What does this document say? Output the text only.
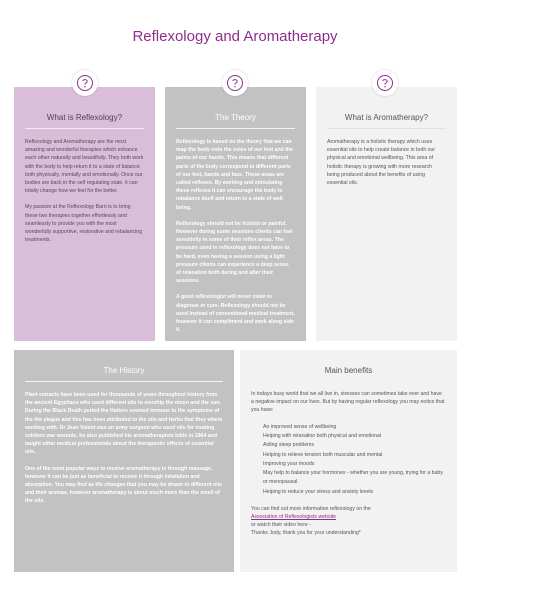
Reflexology and Aromatherapy
What is Reflexology?

Reflexology and Aromatherapy are the most amazing and wonderful therapies which enhance each other naturally and beautifully. They both work with the body to help return it to a state of balance both physically, mentally and emotionally. Once our bodies are back in the self regulating state, it can totally change how we feel for the better.

My passion at the Reflexology Barn is to bring these two therapies together effortlessly and seamlessly to provide you with the most wonderfully supportive, restorative and rebalancing treatments.

The Theory

Reflexology is based on the theory that we can map the body onto the soles of our feet and the palms of our hands. This means that different parts of the body correspond to different parts of our feet, hands and face. These areas are called reflexes. By working and stimulating these reflexes it can encourage the body to rebalance itself and return to a state of well being.

Reflexology should not be ticklish or painful. However during some sessions clients can feel sensitivity in some of their reflex areas. The pressure used in reflexology does not have to be hard, even having a session using a light pressure clients can experience a deep sense of relaxation both during and after their sessions.

A good reflexologist will never claim to diagnose or cure. Reflexology should not be used instead of conventional medical treatment, however it can compliment and work along side it.

What is Aromatherapy?

Aromatherapy is a holistic therapy which uses essential oils to help create balance in both our physical and emotional wellbeing. This area of holistic therapy is growing with more research being produced about the benefits of using essential oils.

The History

Plant extracts have been used for thousands of years throughout history from the ancient Egyptians who used different oils to worship the moon and the sun. During the Black Death period the Hatters seemed immune to the symptoms of the the plague and this has been attributed to the oils and herbs that they where working with. Dr Jean Valent was an army surgeon who used oils for treating soldiers war wounds, he also published his aromatherapists bible in 1964 and taught other medical professionals about the therapeutic effects of essential oils.

One of the most popular ways to receive aromatherapy is through massage, however it can be just as beneficial to receive it through inhalation and absorption. You may find as life changes that you may be drawn to different oils and their aromas, however aromatherapy is about much more than the smell of the oils.

Main benefits

In todays busy world that we all live in, stresses can sometimes take over and have a negative impact on our lives. But by having regular reflexology you may notice that you have:

An improved sense of wellbeing
Helping with relaxation both physical and emotional
Aiding sleep problems
Helping to relieve tension both muscular and mental
Improving your moods
May help to balance your hormones - whether you are young, trying for a baby or menopausal
Helping to reduce your stress and anxiety levels
You can find out more information reflexology on the
Association of Reflexologists website
or watch their video here -
Thanks Jody, thank you for your understanding*
